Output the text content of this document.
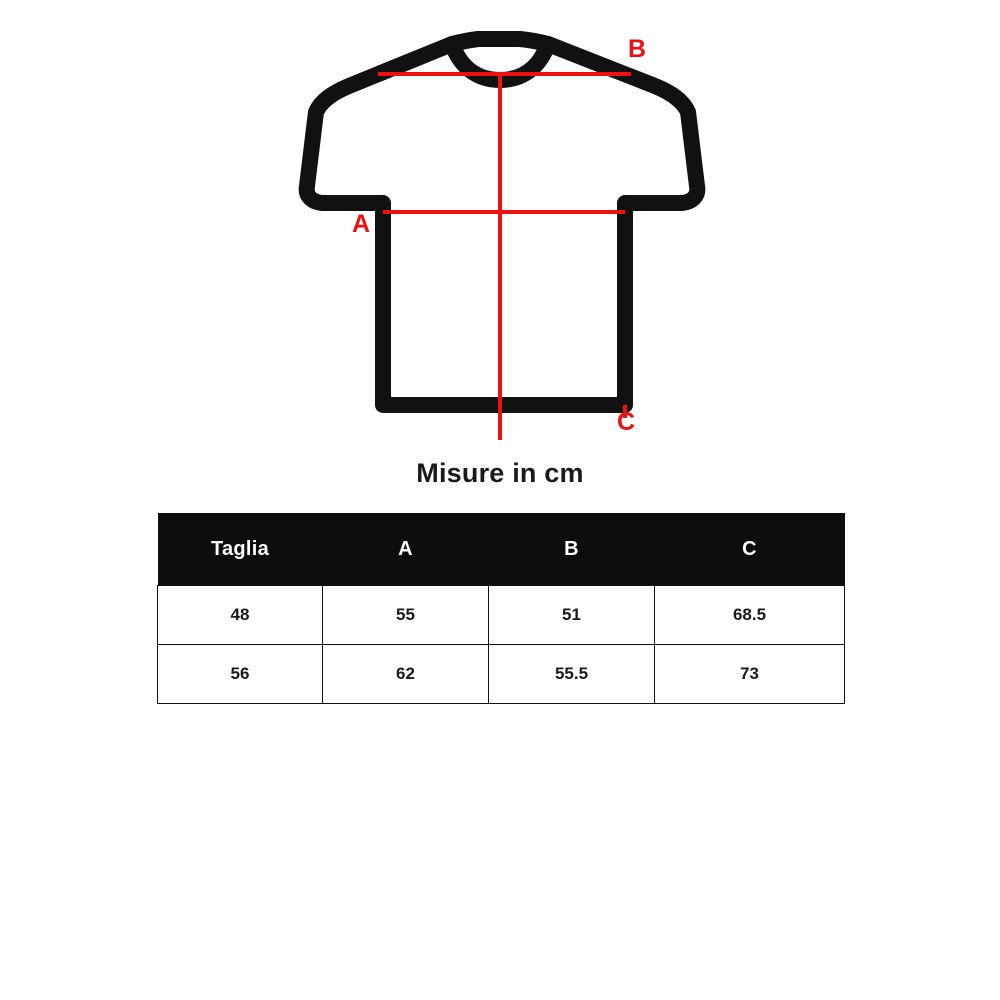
A
B
C
Misure in cm
Taglia	A	B	C
48	55	51	68.5
56	62	55.5	73
